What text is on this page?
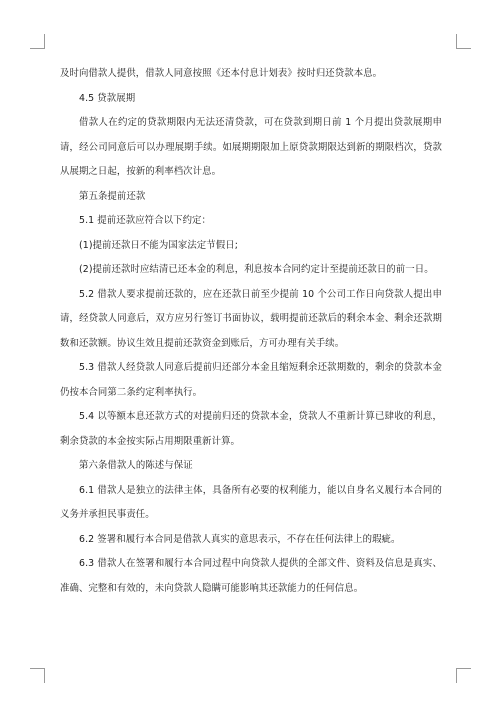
及时向借款人提供，借款人同意按照《还本付息计划表》按时归还贷款本息。

4.5 贷款展期

借款人在约定的贷款期限内无法还清贷款，可在贷款到期日前 1 个月提出贷款展期申请，经公司同意后可以办理展期手续。如展期期限加上原贷款期限达到新的期限档次，贷款从展期之日起，按新的利率档次计息。

第五条提前还款

5.1 提前还款应符合以下约定：

(1)提前还款日不能为国家法定节假日;

(2)提前还款时应结清已还本金的利息，利息按本合同约定计至提前还款日的前一日。

5.2 借款人要求提前还款的，应在还款日前至少提前 10 个公司工作日向贷款人提出申请，经贷款人同意后，双方应另行签订书面协议，载明提前还款后的剩余本金、剩余还款期数和还款额。协议生效且提前还款资金到账后，方可办理有关手续。

5.3 借款人经贷款人同意后提前归还部分本金且缩短剩余还款期数的，剩余的贷款本金仍按本合同第二条约定利率执行。

5.4 以等额本息还款方式的对提前归还的贷款本金，贷款人不重新计算已肆收的利息，剩余贷款的本金按实际占用期限重新计算。

第六条借款人的陈述与保证

6.1 借款人是独立的法律主体，具备所有必要的权利能力，能以自身名义履行本合同的义务并承担民事责任。

6.2 签署和履行本合同是借款人真实的意思表示，不存在任何法律上的瑕疵。

6.3 借款人在签署和履行本合同过程中向贷款人提供的全部文件、资料及信息是真实、准确、完整和有效的，未向贷款人隐瞒可能影响其还款能力的任何信息。
